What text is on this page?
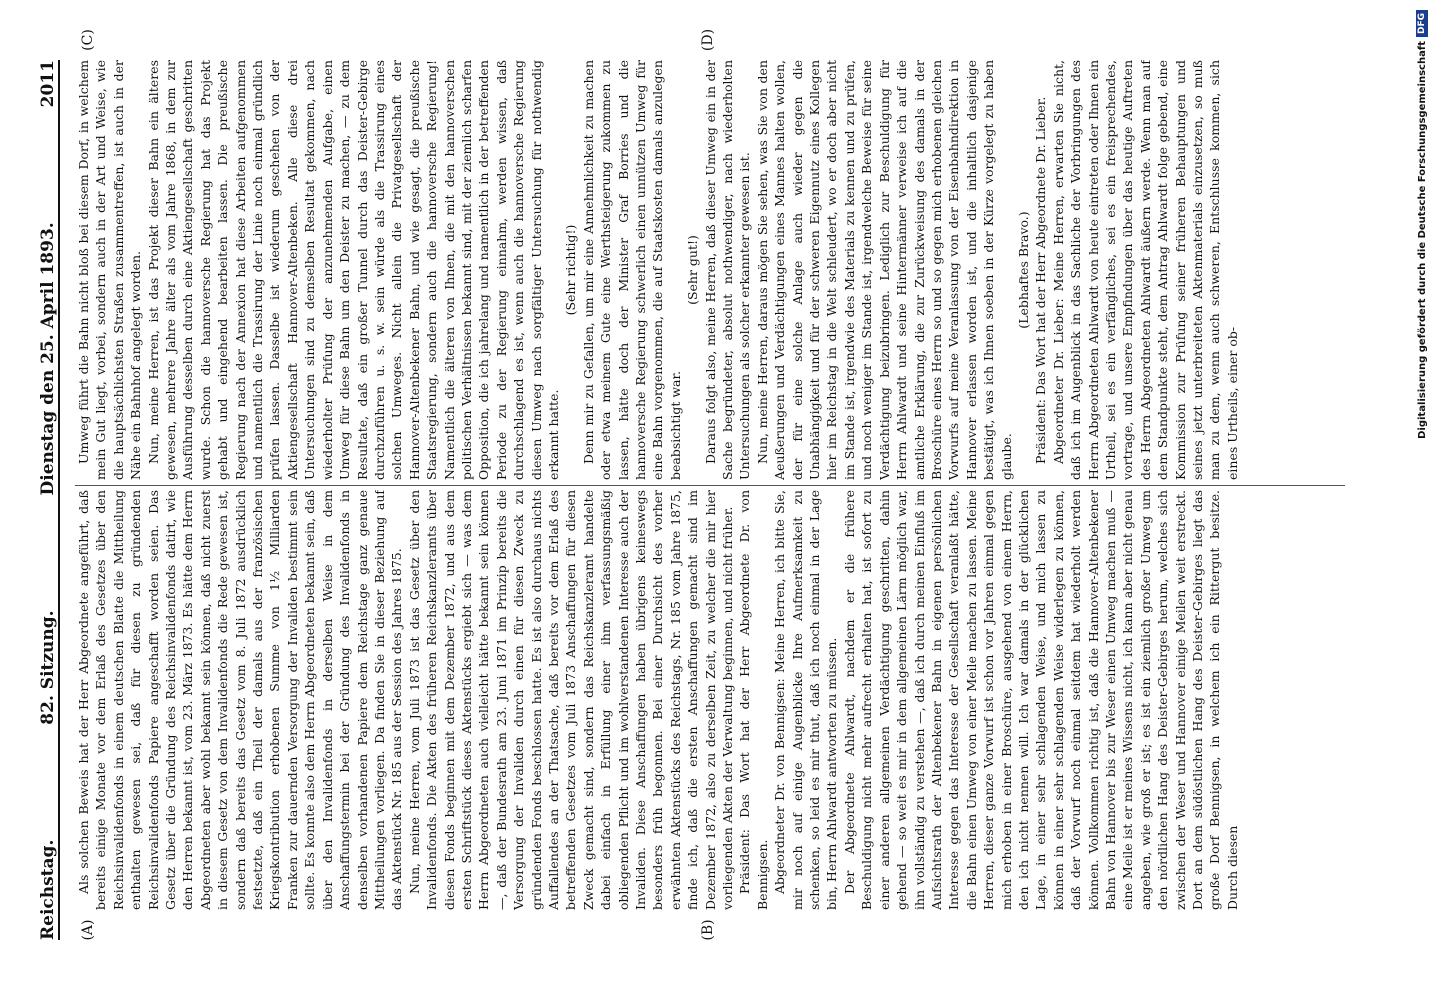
Reichstag.
82. Sitzung.
Dienstag den 25. April 1893.
2011
(A)	(B)
(C)	(D)

Als solchen Beweis hat der Herr Abgeordnete angeführt, daß bereits einige Monate vor dem Erlaß des Gesetzes über den Reichsinvalidenfonds in einem deutschen Blatte die Mittheilung enthalten gewesen sei, daß für diesen zu gründenden Reichsinvalidenfonds Papiere angeschafft worden seien. Das Gesetz über die Gründung des Reichsinvalidenfonds datirt, wie den Herren bekannt ist, vom 23. März 1873. Es hätte dem Herrn Abgeordneten aber wohl bekannt sein können, daß nicht zuerst in diesem Gesetz von dem Invalidenfonds die Rede gewesen ist, sondern daß bereits das Gesetz vom 8. Juli 1872 ausdrücklich festsetzte, daß ein Theil der damals aus der französischen Kriegskontribution erhobenen Summe von 1½ Milliarden Franken zur dauernden Versorgung der Invaliden bestimmt sein sollte. Es konnte also dem Herrn Abgeordneten bekannt sein, daß über den Invalidenfonds in derselben Weise in dem Anschaffungstermin bei der Gründung des Invalidenfonds in denselben vorhandenen Papiere dem Reichstage ganz genaue Mittheilungen vorliegen. Da finden Sie in dieser Beziehung auf das Aktenstück Nr. 185 aus der Session des Jahres 1875. Nun, meine Herren, vom Juli 1873 ist das Gesetz über den Invalidenfonds. Die Akten des früheren Reichskanzleramts über diesen Fonds beginnen mit dem Dezember 1872, und aus dem ersten Schriftstück dieses Aktenstücks ergiebt sich — was dem Herrn Abgeordneten auch vielleicht hätte bekannt sein können —, daß der Bundesrath am 23. Juni 1871 im Prinzip bereits die Versorgung der Invaliden durch einen für diesen Zweck zu gründenden Fonds beschlossen hatte. Es ist also durchaus nichts Auffallendes an der Thatsache, daß bereits vor dem Erlaß des betreffenden Gesetzes vom Juli 1873 Anschaffungen für diesen Zweck gemacht sind, sondern das Reichskanzleramt handelte dabei einfach in Erfüllung einer ihm verfassungsmäßig obliegenden Pflicht und im wohlverstandenen Interesse auch der Invaliden. Diese Anschaffungen haben übrigens keineswegs besonders früh begonnen. Bei einer Durchsicht des vorher erwähnten Aktenstücks des Reichstags, Nr. 185 vom Jahre 1875, finde ich, daß die ersten Anschaffungen gemacht sind im Dezember 1872, also zu derselben Zeit, zu welcher die mir hier vorliegenden Akten der Verwaltung beginnen, und nicht früher. Präsident: Das Wort hat der Herr Abgeordnete Dr. von Bennigsen. Abgeordneter Dr. von Bennigsen: Meine Herren, ich bitte Sie, mir noch auf einige Augenblicke Ihre Aufmerksamkeit zu schenken, so leid es mir thut, daß ich noch einmal in der Lage bin, Herrn Ahlwardt antworten zu müssen. Der Abgeordnete Ahlwardt, nachdem er die frühere Beschuldigung nicht mehr aufrecht erhalten hat, ist sofort zu einer anderen allgemeinen Verdächtigung geschritten, dahin gehend — so weit es mir in dem allgemeinen Lärm möglich war, ihn vollständig zu verstehen —, daß ich durch meinen Einfluß im Aufsichtsrath der Altenbekener Bahn in eigenen persönlichen Interesse gegen das Interesse der Gesellschaft veranlaßt hätte, die Bahn einen Umweg von einer Meile machen zu lassen. Meine Herren, dieser ganze Vorwurf ist schon vor Jahren einmal gegen mich erhoben in einer Broschüre, ausgehend von einem Herrn, den ich nicht nennen will. Ich war damals in der glücklichen Lage, in einer sehr schlagenden Weise, und mich lassen zu können in einer sehr schlagenden Weise widerlegen zu können, daß der Vorwurf noch einmal seitdem hat wiederholt werden können. Vollkommen richtig ist, daß die Hannover-Altenbekener Bahn von Hannover bis zur Weser einen Umweg machen muß — eine Meile ist er meines Wissens nicht, ich kann aber nicht genau angeben, wie groß er ist; es ist ein ziemlich großer Umweg um den nördlichen Hang des Deister-Gebirges herum, welches sich zwischen der Weser und Hannover einige Meilen weit erstreckt. Dort an dem südöstlichen Hang des Deister-Gebirges liegt das große Dorf Bennigsen, in welchem ich ein Rittergut besitze. Durch diesen

Umweg führt die Bahn nicht bloß bei diesem Dorf, in welchem mein Gut liegt, vorbei, sondern auch in der Art und Weise, wie die hauptsächlichsten Straßen zusammentreffen, ist auch in der Nähe ein Bahnhof angelegt worden. Nun, meine Herren, ist das Projekt dieser Bahn ein älteres gewesen, mehrere Jahre älter als vom Jahre 1868, in dem zur Ausführung desselben durch eine Aktiengesellschaft geschritten wurde. Schon die hannoversche Regierung hat das Projekt gehabt und eingehend bearbeiten lassen. Die preußische Regierung nach der Annexion hat diese Arbeiten aufgenommen und namentlich die Trassirung der Linie noch einmal gründlich prüfen lassen. Dasselbe ist wiederum geschehen von der Aktiengesellschaft Hannover-Altenbeken. Alle diese drei Untersuchungen sind zu demselben Resultat gekommen, nach wiederholter Prüfung der anzunehmenden Aufgabe, einen Umweg für diese Bahn um den Deister zu machen, — zu dem Resultate, daß ein großer Tunnel durch das Deister-Gebirge durchzuführen u. s. w. sein würde als die Trassirung eines solchen Umweges. Nicht allein die Privatgesellschaft der Hannover-Altenbekener Bahn, und wie gesagt, die preußische Staatsregierung, sondern auch die hannoversche Regierung! Namentlich die älteren von Ihnen, die mit den hannoverschen politischen Verhältnissen bekannt sind, mit der ziemlich scharfen Opposition, die ich jahrelang und namentlich in der betreffenden Periode zu der Regierung einnahm, werden wissen, daß durchschlagend es ist, wenn auch die hannoversche Regierung diesen Umweg nach sorgfältiger Untersuchung für nothwendig erkannt hatte.

(Sehr richtig!) Denn mir zu Gefallen, um mir eine Annehmlichkeit zu machen oder etwa meinem Gute eine Werthsteigerung zukommen zu lassen, hätte doch der Minister Graf Borries und die hannoversche Regierung schwerlich einen unnützen Umweg für eine Bahn vorgenommen, die auf Staatskosten damals anzulegen beabsichtigt war.

(Sehr gut!) Daraus folgt also, meine Herren, daß dieser Umweg ein in der Sache begründeter, absolut nothwendiger, nach wiederholten Untersuchungen als solcher erkannter gewesen ist. Nun, meine Herren, daraus mögen Sie sehen, was Sie von den Aeußerungen und Verdächtigungen eines Mannes halten wollen, der für eine solche Anlage auch wieder gegen die Unabhängigkeit und für der schweren Eigennutz eines Kollegen hier im Reichstag in die Welt schleudert, wo er doch aber nicht im Stande ist, irgendwie des Materials zu kennen und zu prüfen, und noch weniger im Stande ist, irgendwelche Beweise für seine Verdächtigung beizubringen. Lediglich zur Beschuldigung für Herrn Ahlwardt und seine Hintermänner verweise ich auf die amtliche Erklärung, die zur Zurückweisung des damals in der Broschüre eines Herrn so und so gegen mich erhobenen gleichen Vorwurfs auf meine Veranlassung von der Eisenbahndirektion in Hannover erlassen worden ist, und die inhaltlich dasjenige bestätigt, was ich Ihnen soeben in der Kürze vorgelegt zu haben glaube.

(Lebhaftes Bravo.) Präsident: Das Wort hat der Herr Abgeordnete Dr. Lieber. Abgeordneter Dr. Lieber: Meine Herren, erwarten Sie nicht, daß ich im Augenblick in das Sachliche der Vorbringungen des Herrn Abgeordneten Ahlwardt von heute eintreten oder Ihnen ein Urtheil, sei es ein verfängliches, sei es ein freisprechendes, vortrage, und unsere Empfindungen über das heutige Auftreten des Herrn Abgeordneten Ahlwardt äußern werde. Wenn man auf dem Standpunkte steht, dem Antrag Ahlwardt folge gebend, eine Kommission zur Prüfung seiner früheren Behauptungen und seines jetzt unterbreiteten Aktenmaterials einzusetzen, so muß man zu dem, wenn auch schweren, Entschlusse kommen, sich eines Urtheils, einer ob-	Digitalisierung gefördert durch die Deutsche Forschungsgemeinschaft
DFG
